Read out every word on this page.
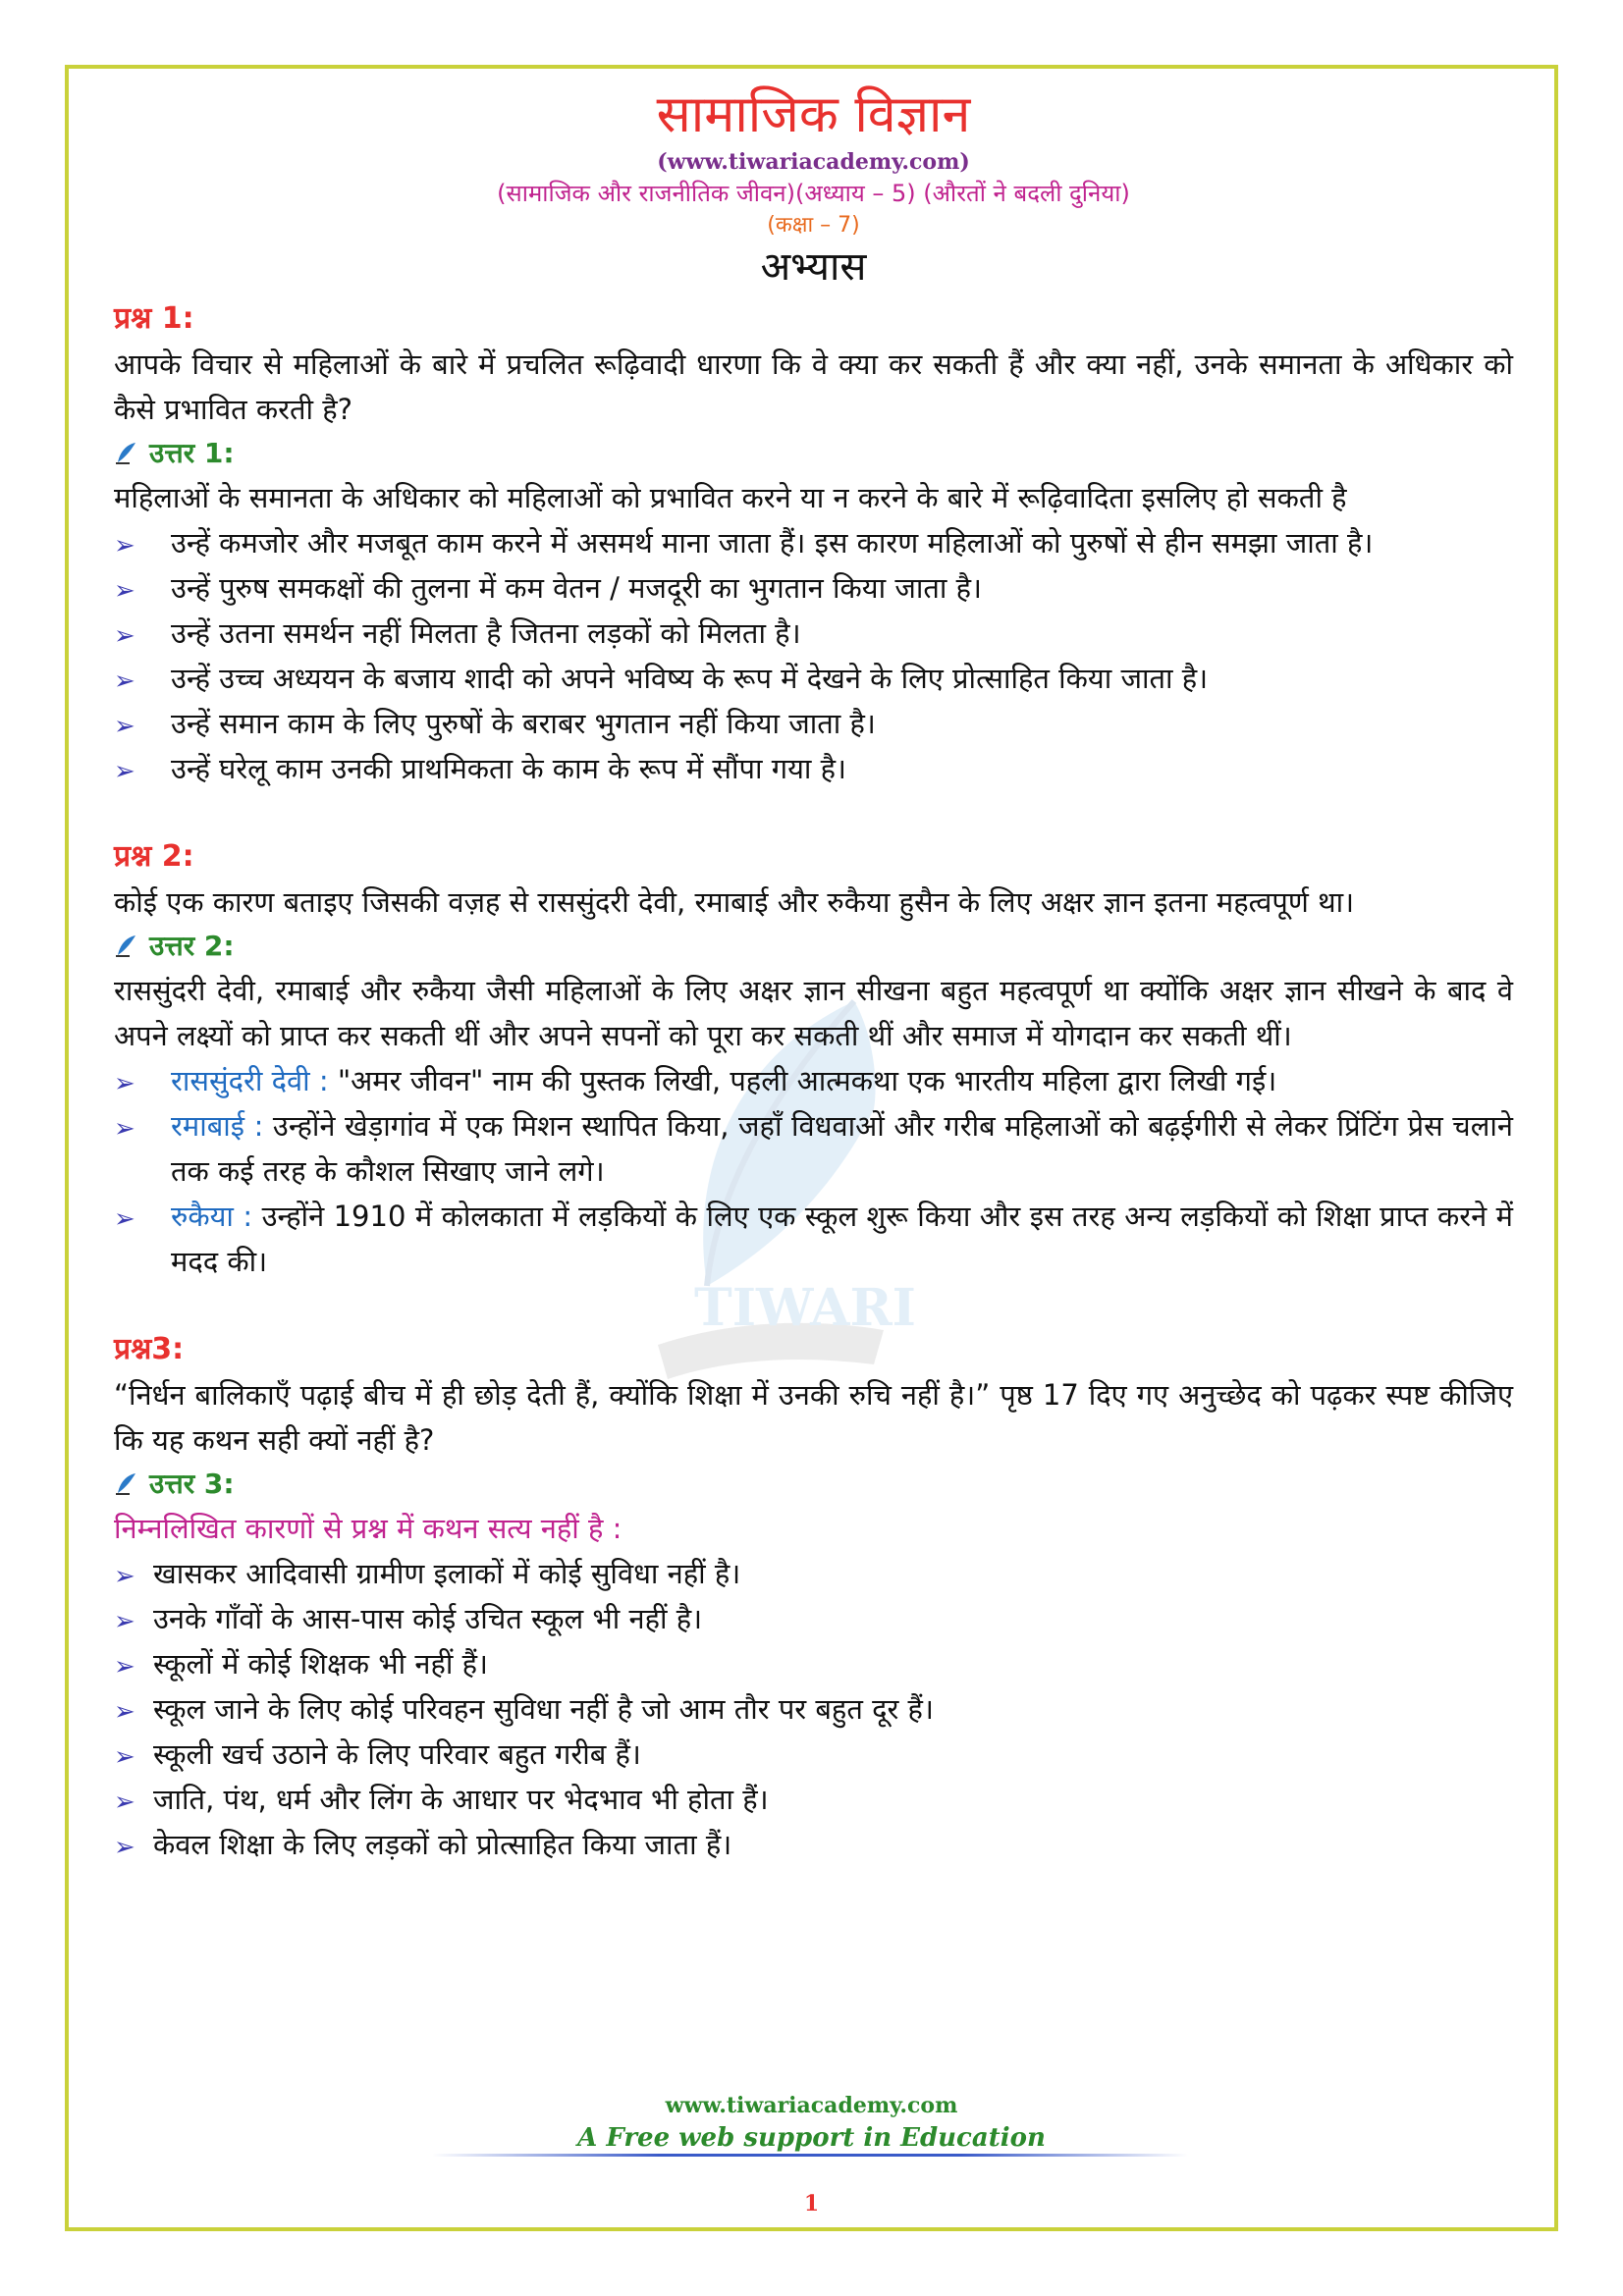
TIWARI
सामाजिक विज्ञान
(www.tiwariacademy.com)
(सामाजिक और राजनीतिक जीवन)(अध्याय – 5) (औरतों ने बदली दुनिया)
(कक्षा – 7)
अभ्यास
प्रश्न 1:
आपके विचार से महिलाओं के बारे में प्रचलित रूढ़िवादी धारणा कि वे क्या कर सकती हैं और क्या नहीं, उनके समानता के अधिकार को कैसे प्रभावित करती है?
उत्तर 1:
महिलाओं के समानता के अधिकार को महिलाओं को प्रभावित करने या न करने के बारे में रूढ़िवादिता इसलिए हो सकती है
➢ उन्हें कमजोर और मजबूत काम करने में असमर्थ माना जाता हैं। इस कारण महिलाओं को पुरुषों से हीन समझा जाता है।
➢ उन्हें पुरुष समकक्षों की तुलना में कम वेतन / मजदूरी का भुगतान किया जाता है।
➢ उन्हें उतना समर्थन नहीं मिलता है जितना लड़कों को मिलता है।
➢ उन्हें उच्च अध्ययन के बजाय शादी को अपने भविष्य के रूप में देखने के लिए प्रोत्साहित किया जाता है।
➢ उन्हें समान काम के लिए पुरुषों के बराबर भुगतान नहीं किया जाता है।
➢ उन्हें घरेलू काम उनकी प्राथमिकता के काम के रूप में सौंपा गया है।
प्रश्न 2:
कोई एक कारण बताइए जिसकी वज़ह से राससुंदरी देवी, रमाबाई और रुकैया हुसैन के लिए अक्षर ज्ञान इतना महत्वपूर्ण था।
उत्तर 2:
राससुंदरी देवी, रमाबाई और रुकैया जैसी महिलाओं के लिए अक्षर ज्ञान सीखना बहुत महत्वपूर्ण था क्योंकि अक्षर ज्ञान सीखने के बाद वे अपने लक्ष्यों को प्राप्त कर सकती थीं और अपने सपनों को पूरा कर सकती थीं और समाज में योगदान कर सकती थीं।
➢ राससुंदरी देवी : "अमर जीवन" नाम की पुस्तक लिखी, पहली आत्मकथा एक भारतीय महिला द्वारा लिखी गई।
➢ रमाबाई : उन्होंने खेड़ागांव में एक मिशन स्थापित किया, जहाँ विधवाओं और गरीब महिलाओं को बढ़ईगीरी से लेकर प्रिंटिंग प्रेस चलाने तक कई तरह के कौशल सिखाए जाने लगे।
➢ रुकैया : उन्होंने 1910 में कोलकाता में लड़कियों के लिए एक स्कूल शुरू किया और इस तरह अन्य लड़कियों को शिक्षा प्राप्त करने में मदद की।
प्रश्न3:
“निर्धन बालिकाएँ पढ़ाई बीच में ही छोड़ देती हैं, क्योंकि शिक्षा में उनकी रुचि नहीं है।” पृष्ठ 17 दिए गए अनुच्छेद को पढ़कर स्पष्ट कीजिए कि यह कथन सही क्यों नहीं है?
उत्तर 3:
निम्नलिखित कारणों से प्रश्न में कथन सत्य नहीं है :
➢ खासकर आदिवासी ग्रामीण इलाकों में कोई सुविधा नहीं है।
➢ उनके गाँवों के आस-पास कोई उचित स्कूल भी नहीं है।
➢ स्कूलों में कोई शिक्षक भी नहीं हैं।
➢ स्कूल जाने के लिए कोई परिवहन सुविधा नहीं है जो आम तौर पर बहुत दूर हैं।
➢ स्कूली खर्च उठाने के लिए परिवार बहुत गरीब हैं।
➢ जाति, पंथ, धर्म और लिंग के आधार पर भेदभाव भी होता हैं।
➢ केवल शिक्षा के लिए लड़कों को प्रोत्साहित किया जाता हैं।
www.tiwariacademy.com
A Free web support in Education
1
